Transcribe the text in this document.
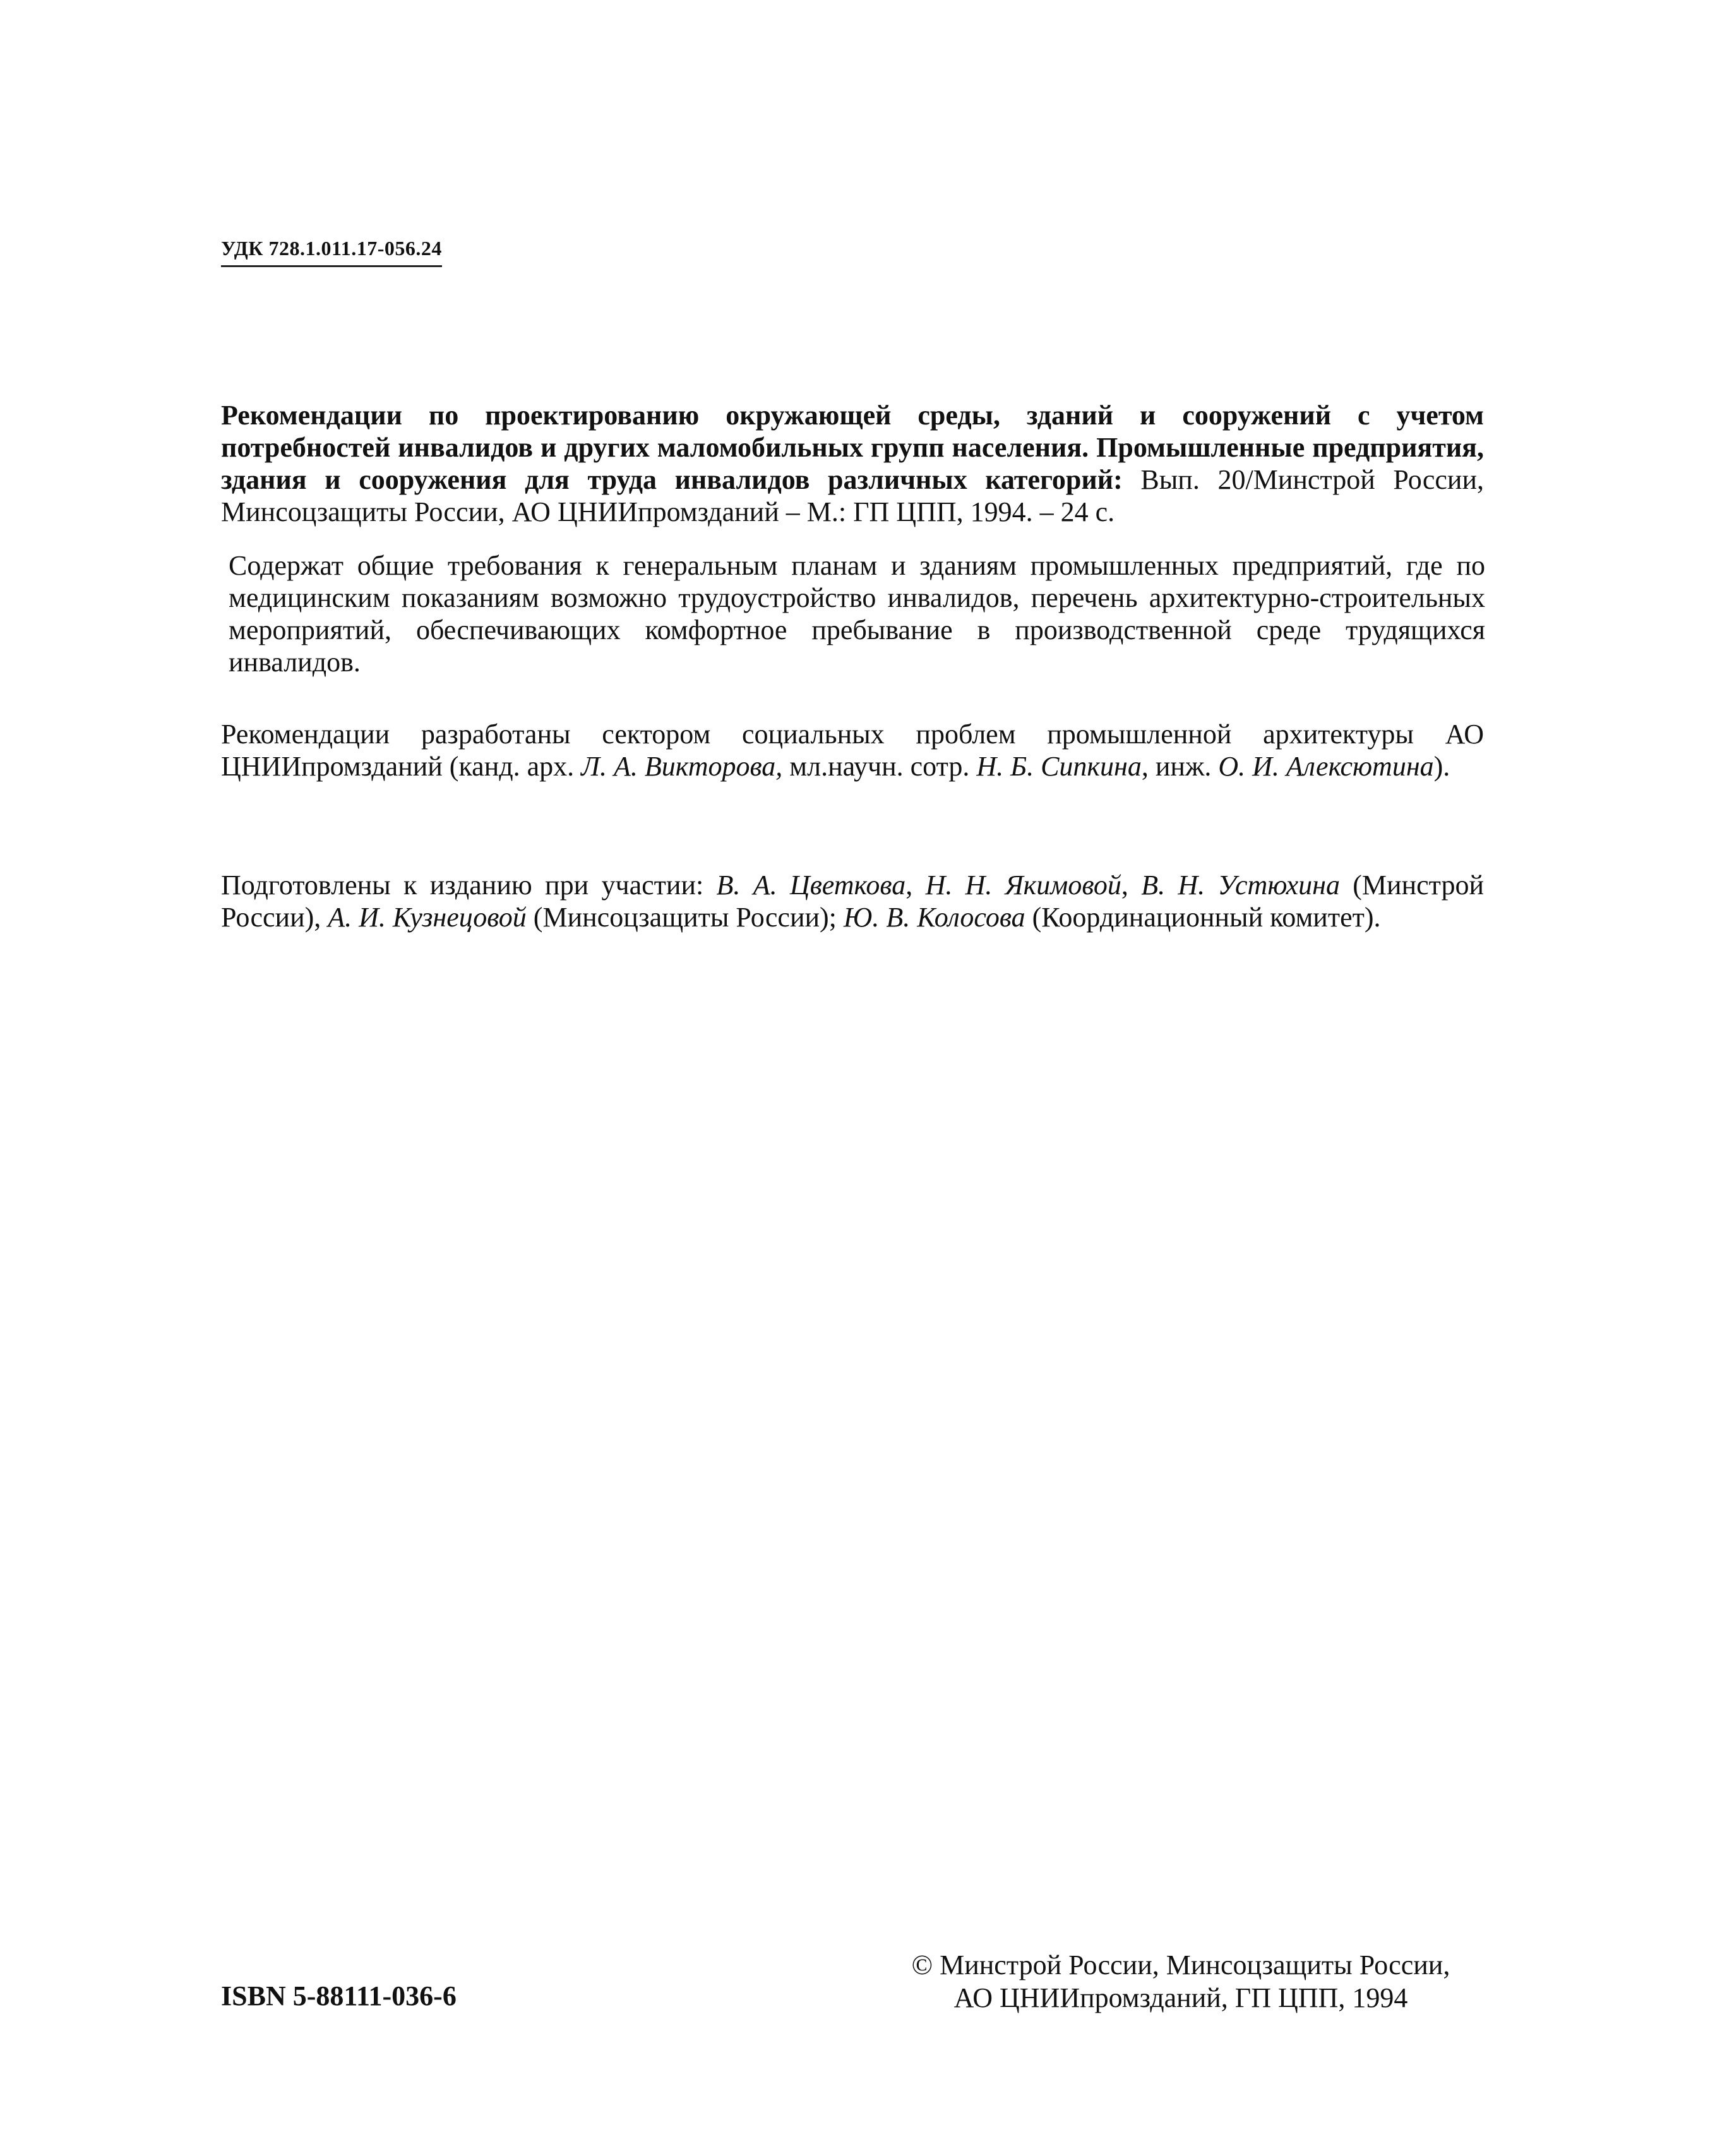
УДК 728.1.011.17-056.24
Рекомендации по проектированию окружающей среды, зданий и сооружений с учетом потребностей инвалидов и других маломобильных групп населения. Промышленные предприятия, здания и сооружения для труда инвалидов различных категорий: Вып. 20/Минстрой России, Минсоцзащиты России, АО ЦНИИпромзданий – М.: ГП ЦПП, 1994. – 24 с.
Содержат общие требования к генеральным планам и зданиям промышленных предприятий, где по медицинским показаниям возможно трудоустройство инвалидов, перечень архитектурно-строительных мероприятий, обеспечивающих комфортное пребывание в производственной среде трудящихся инвалидов.
Рекомендации разработаны сектором социальных проблем промышленной архитектуры АО ЦНИИпромзданий (канд. арх. Л. А. Викторова, мл.научн. сотр. Н. Б. Сипкина, инж. О. И. Алексютина).
Подготовлены к изданию при участии: В. А. Цветкова, Н. Н. Якимовой, В. Н. Устюхина (Минстрой России), А. И. Кузнецовой (Минсоцзащиты России); Ю. В. Колосова (Координационный комитет).
ISBN 5-88111-036-6
© Минстрой России, Минсоцзащиты России,
АО ЦНИИпромзданий, ГП ЦПП, 1994
